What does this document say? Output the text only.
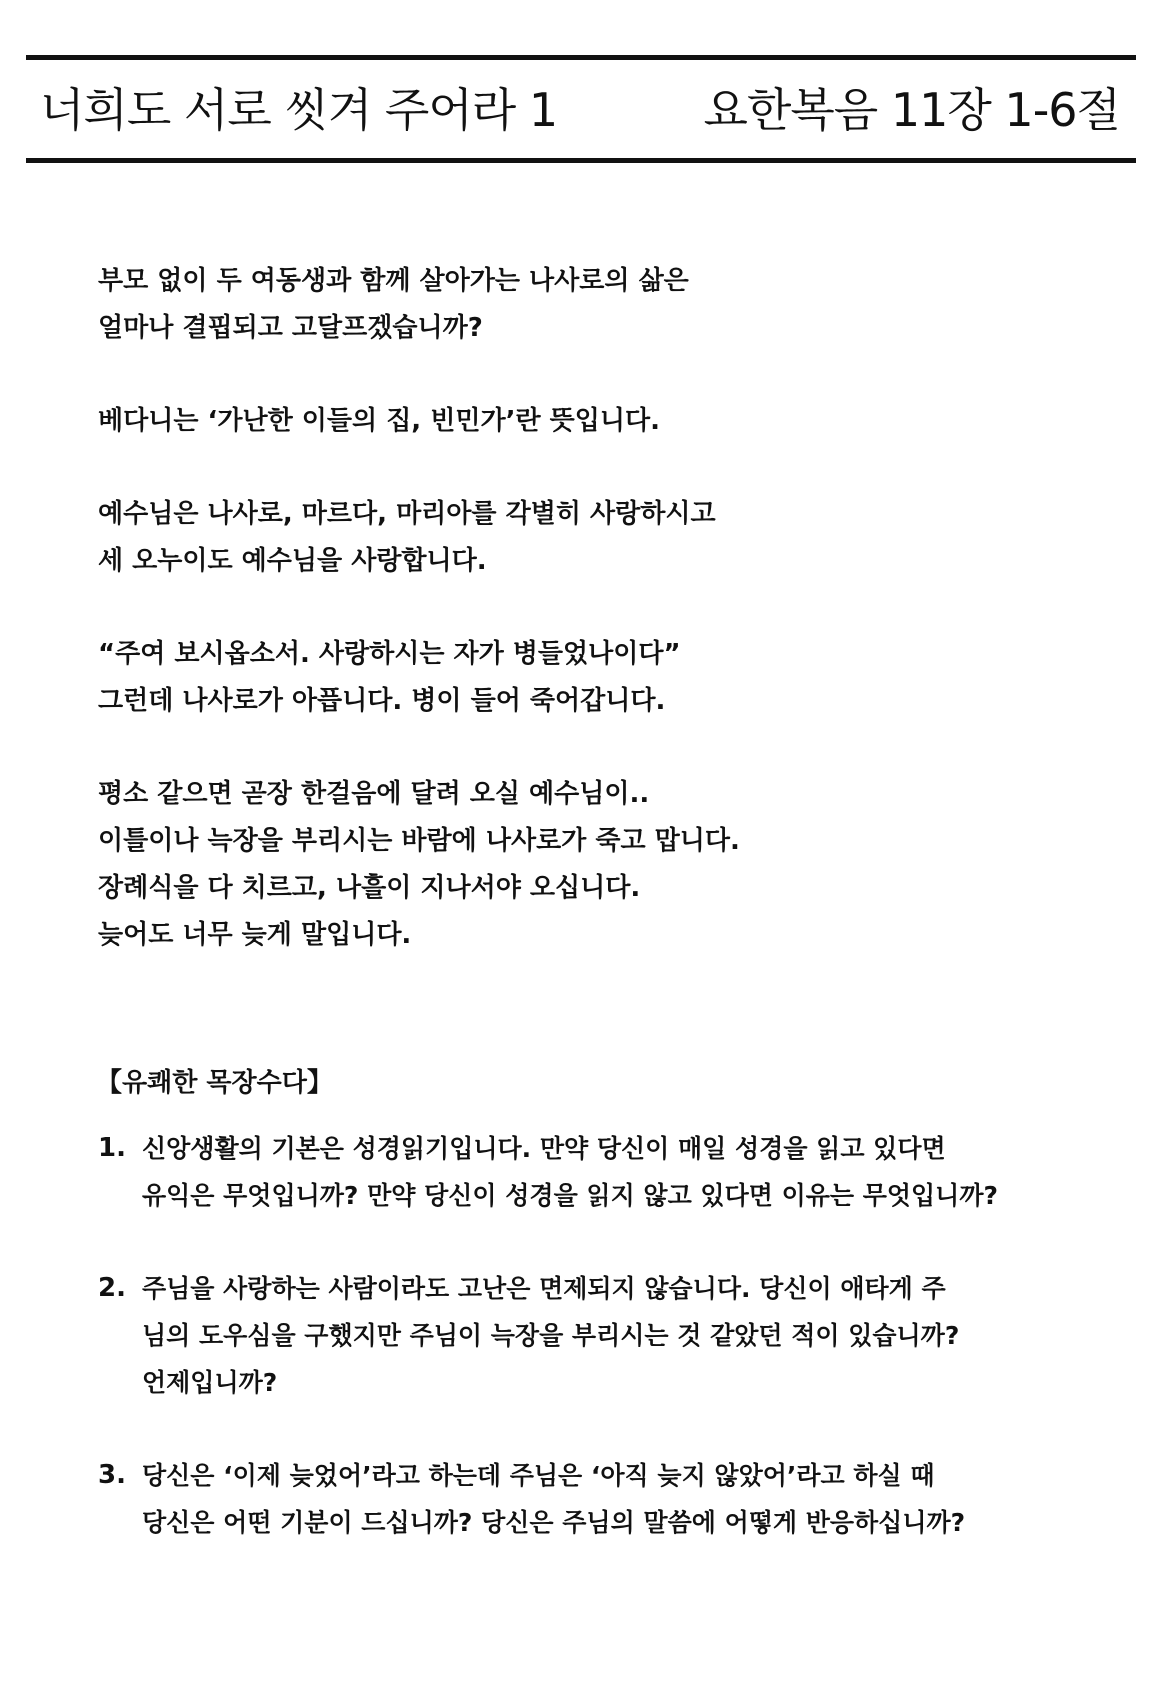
너희도 서로 씻겨 주어라 1	요한복음 11장 1-6절
부모 없이 두 여동생과 함께 살아가는 나사로의 삶은
얼마나 결핍되고 고달프겠습니까?
베다니는 ‘가난한 이들의 집, 빈민가’란 뜻입니다.
예수님은 나사로, 마르다, 마리아를 각별히 사랑하시고
세 오누이도 예수님을 사랑합니다.
“주여 보시옵소서. 사랑하시는 자가 병들었나이다”
그런데 나사로가 아픕니다. 병이 들어 죽어갑니다.
평소 같으면 곧장 한걸음에 달려 오실 예수님이..
이틀이나 늑장을 부리시는 바람에 나사로가 죽고 맙니다.
장례식을 다 치르고, 나흘이 지나서야 오십니다.
늦어도 너무 늦게 말입니다.
【유쾌한 목장수다】
1. 신앙생활의 기본은 성경읽기입니다. 만약 당신이 매일 성경을 읽고 있다면
유익은 무엇입니까? 만약 당신이 성경을 읽지 않고 있다면 이유는 무엇입니까?
2. 주님을 사랑하는 사람이라도 고난은 면제되지 않습니다. 당신이 애타게 주
님의 도우심을 구했지만 주님이 늑장을 부리시는 것 같았던 적이 있습니까?
언제입니까?
3. 당신은 ‘이제 늦었어’라고 하는데 주님은 ‘아직 늦지 않았어’라고 하실 때
당신은 어떤 기분이 드십니까? 당신은 주님의 말씀에 어떻게 반응하십니까?
